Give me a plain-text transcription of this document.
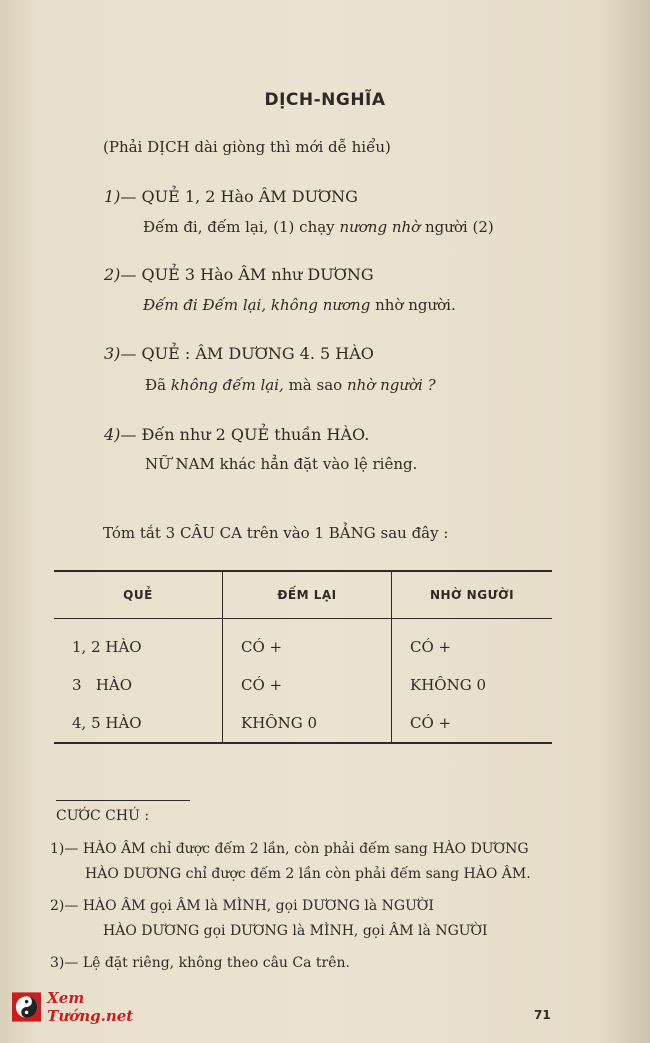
DỊCH-NGHĨA
(Phải DỊCH dài giòng thì mới dễ hiểu)
1)— QUẺ 1, 2 Hào ÂM DƯƠNG
Đếm đi, đếm lại, (1) chạy nương nhờ người (2)
2)— QUẺ 3 Hào ÂM như DƯƠNG
Đếm đi Đếm lại, không nương nhờ người.
3)— QUẺ : ÂM DƯƠNG 4. 5 HÀO
Đã không đếm lại, mà sao nhờ người ?
4)— Đến như 2 QUẺ thuần HÀO.
NỮ NAM khác hẳn đặt vào lệ riêng.
Tóm tắt 3 CÂU CA trên vào 1 BẢNG sau đây :
QUẺ	ĐẾM LẠI	NHỜ NGƯỜI
1, 2 HÀO	CÓ +	CÓ +
3   HÀO	CÓ +	KHÔNG 0
4, 5 HÀO	KHÔNG 0	CÓ +
CƯỚC CHÚ :
1)— HÀO ÂM chỉ được đếm 2 lần, còn phải đếm sang HÀO DƯƠNG
HÀO DƯƠNG chỉ được đếm 2 lần còn phải đếm sang HÀO ÂM.
2)— HÀO ÂM gọi ÂM là MÌNH, gọi DƯƠNG là NGƯỜI
HÀO DƯƠNG gọi DƯƠNG là MÌNH, gọi ÂM là NGƯỜI
3)— Lệ đặt riêng, không theo câu Ca trên.
Xem Tướng.net	71
